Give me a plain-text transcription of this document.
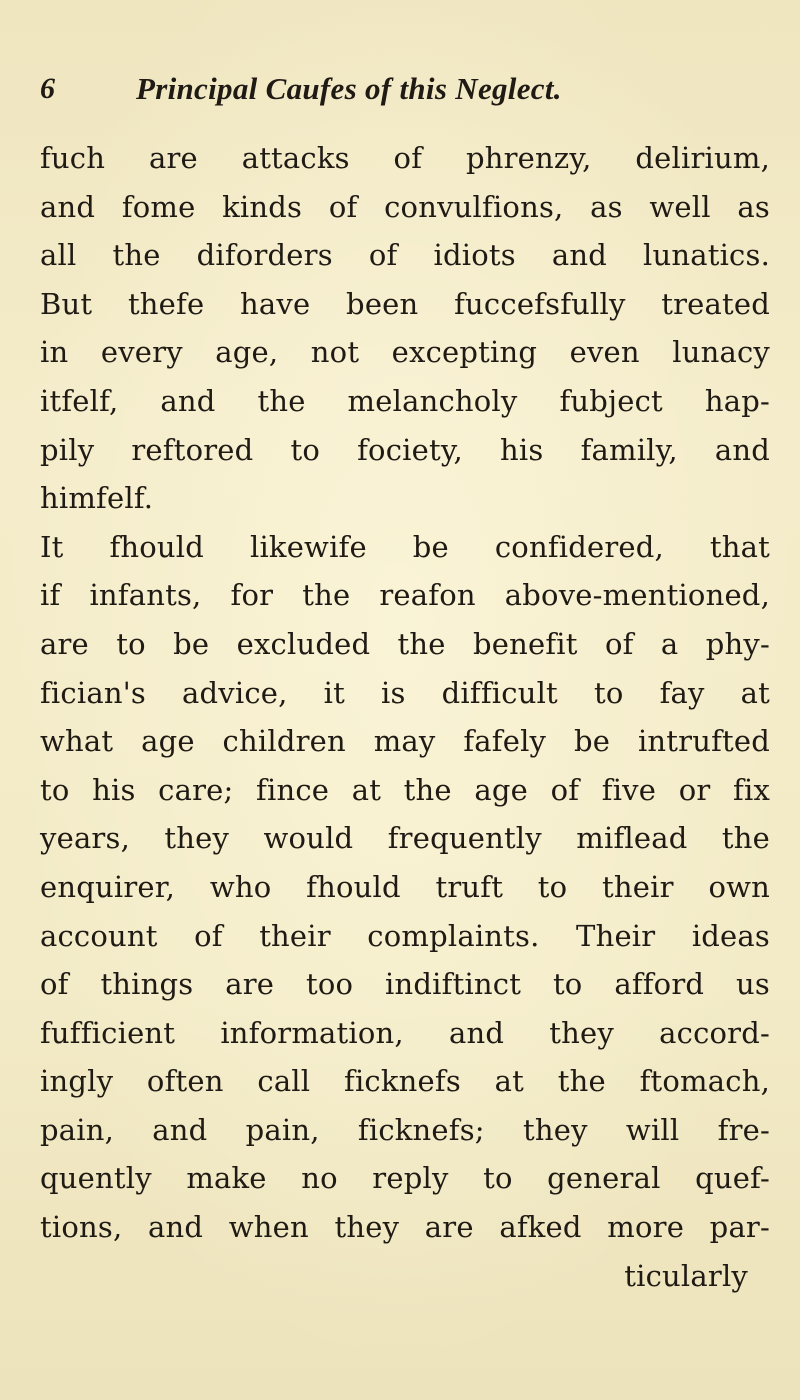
6	Principal Caufes of this Neglect.
fuch are attacks of phrenzy, delirium,
and fome kinds of convulfions, as well as
all the diforders of idiots and lunatics.
But thefe have been fuccefsfully treated
in every age, not excepting even lunacy
itfelf, and the melancholy fubject hap-
pily reftored to fociety, his family, and
himfelf.
It fhould likewife be confidered, that
if infants, for the reafon above-mentioned,
are to be excluded the benefit of a phy-
fician's advice, it is difficult to fay at
what age children may fafely be intrufted
to his care; fince at the age of five or fix
years, they would frequently miflead the
enquirer, who fhould truft to their own
account of their complaints. Their ideas
of things are too indiftinct to afford us
fufficient information, and they accord-
ingly often call ficknefs at the ftomach,
pain, and pain, ficknefs; they will fre-
quently make no reply to general quef-
tions, and when they are afked more par-
ticularly
